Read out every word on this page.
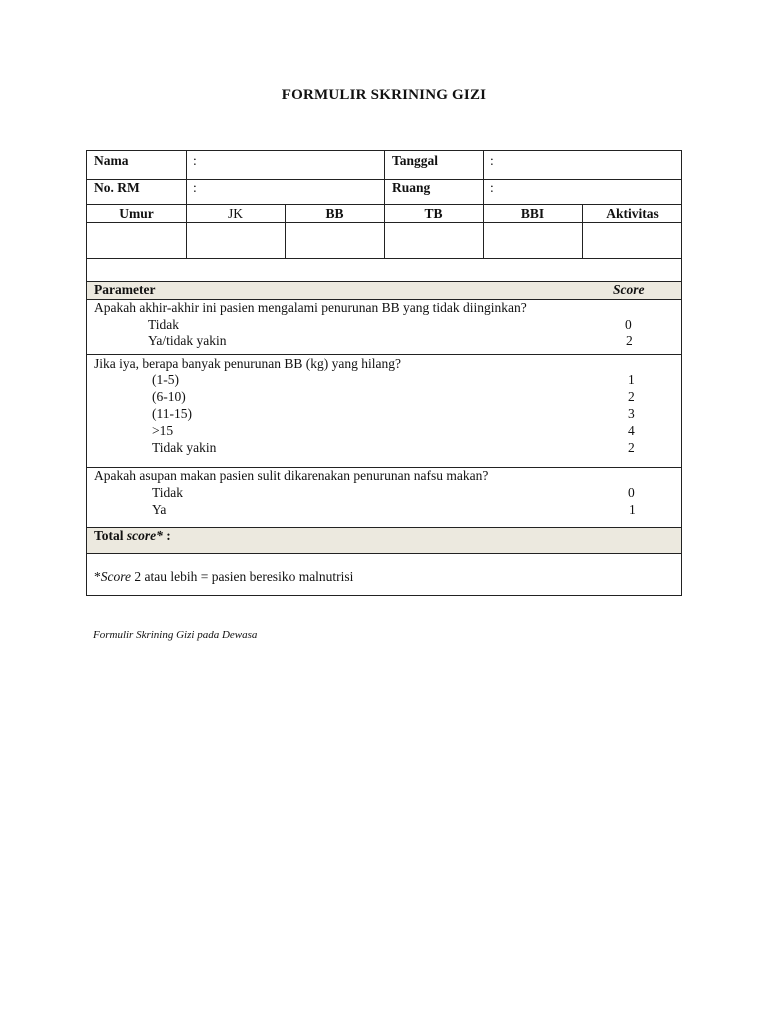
FORMULIR SKRINING GIZI
Nama	:	Tanggal	:
No. RM	:	Ruang	:
Umur	JK	BB	TB	BBI	Aktivitas
Parameter	Score
Apakah akhir-akhir ini pasien mengalami penurunan BB yang tidak diinginkan?
Tidak	0
Ya/tidak yakin	2
Jika iya, berapa banyak penurunan BB (kg) yang hilang?
(1-5)	1
(6-10)	2
(11-15)	3
>15	4
Tidak yakin	2
Apakah asupan makan pasien sulit dikarenakan penurunan nafsu makan?
Tidak	0
Ya	1
Total score* :
*Score 2 atau lebih = pasien beresiko malnutrisi
Formulir Skrining Gizi pada Dewasa
